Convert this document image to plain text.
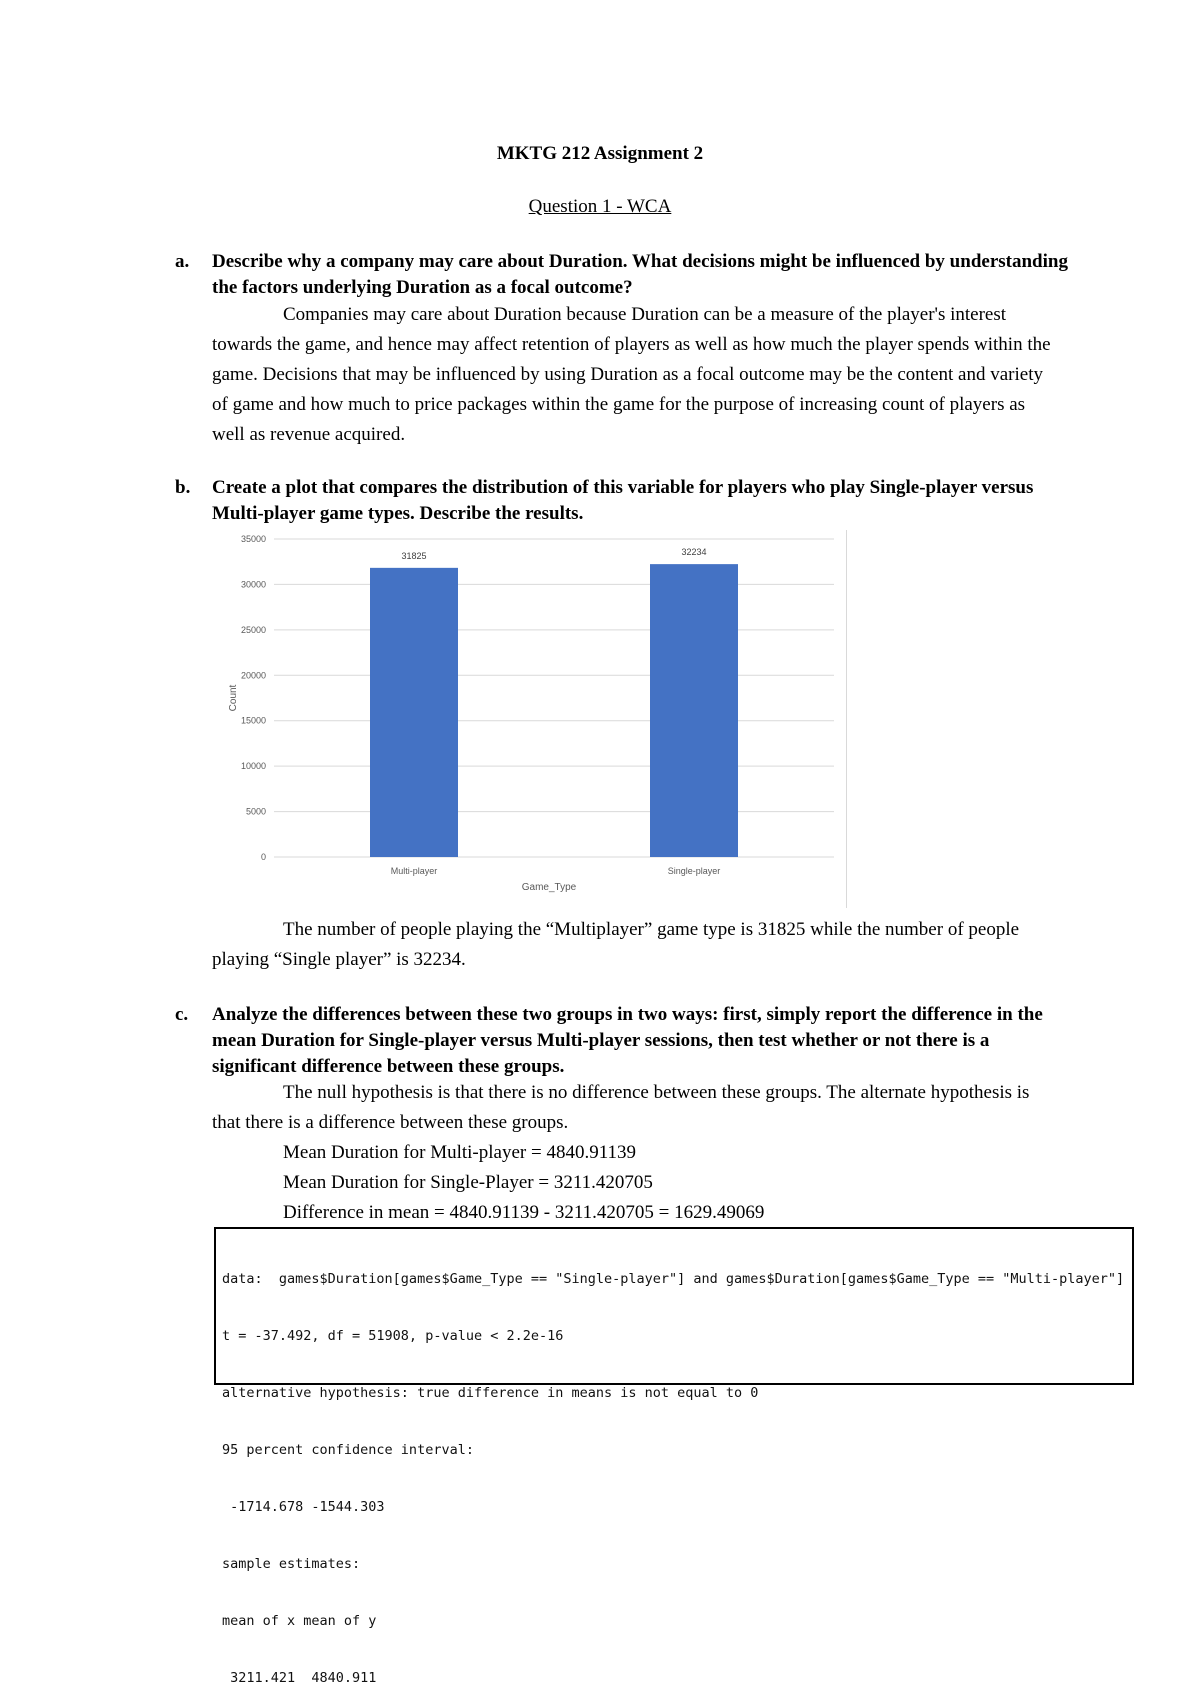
MKTG 212 Assignment 2
Question 1 - WCA
a. Describe why a company may care about Duration. What decisions might be influenced by understanding the factors underlying Duration as a focal outcome?

Companies may care about Duration because Duration can be a measure of the player's interest towards the game, and hence may affect retention of players as well as how much the player spends within the game. Decisions that may be influenced by using Duration as a focal outcome may be the content and variety of game and how much to price packages within the game for the purpose of increasing count of players as well as revenue acquired.

b. Create a plot that compares the distribution of this variable for players who play Single-player versus Multi-player game types. Describe the results.
0
5000
10000
15000
20000
25000
30000
35000
31825
Multi-player
32234
Single-player
Game_Type
Count

The number of people playing the “Multiplayer” game type is 31825 while the number of people playing “Single player” is 32234.

c. Analyze the differences between these two groups in two ways: first, simply report the difference in the mean Duration for Single-player versus Multi-player sessions, then test whether or not there is a significant difference between these groups.

The null hypothesis is that there is no difference between these groups. The alternate hypothesis is that there is a difference between these groups.

Mean Duration for Multi-player = 4840.91139

Mean Duration for Single-Player = 3211.420705

Difference in mean = 4840.91139 - 3211.420705 = 1629.49069

data:  games$Duration[games$Game_Type == "Single-player"] and games$Duration[games$Game_Type == "Multi-player"]

t = -37.492, df = 51908, p-value < 2.2e-16

alternative hypothesis: true difference in means is not equal to 0

95 percent confidence interval:

-1714.678 -1544.303

sample estimates:

mean of x mean of y

3211.421  4840.911
